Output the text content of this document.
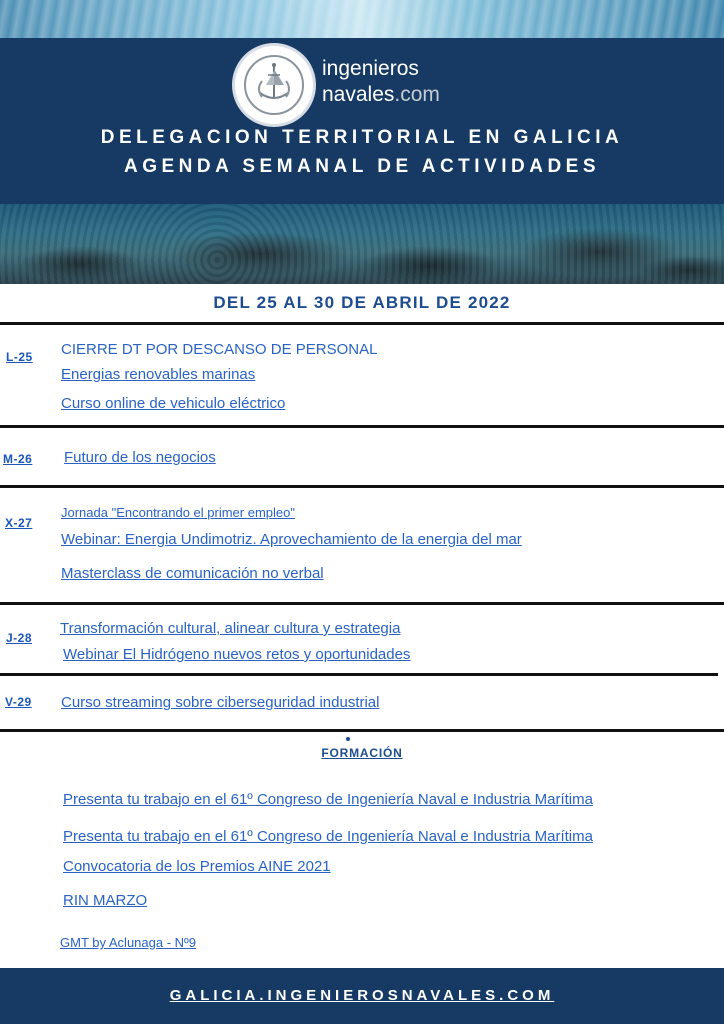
ingenieros
navales.com
DELEGACION TERRITORIAL EN GALICIA
AGENDA SEMANAL DE ACTIVIDADES
DEL 25 AL 30 DE ABRIL DE 2022
L-25 CIERRE DT POR DESCANSO DE PERSONAL
Energias renovables marinas
Curso online de vehiculo eléctrico
M-26 Futuro de los negocios
X-27
Jornada "Encontrando el primer empleo"
Webinar: Energia Undimotriz. Aprovechamiento de la energia del mar
Masterclass de comunicación no verbal
J-28
Transformación cultural, alinear cultura y estrategia
Webinar El Hidrógeno nuevos retos y oportunidades
V-29 Curso streaming sobre ciberseguridad industrial
FORMACIÓN
Presenta tu trabajo en el 61º Congreso de Ingeniería Naval e Industria Marítima
Presenta tu trabajo en el 61º Congreso de Ingeniería Naval e Industria Marítima
Convocatoria de los Premios AINE 2021
RIN MARZO
GMT by Aclunaga - Nº9
GALICIA.INGENIEROSNAVALES.COM
